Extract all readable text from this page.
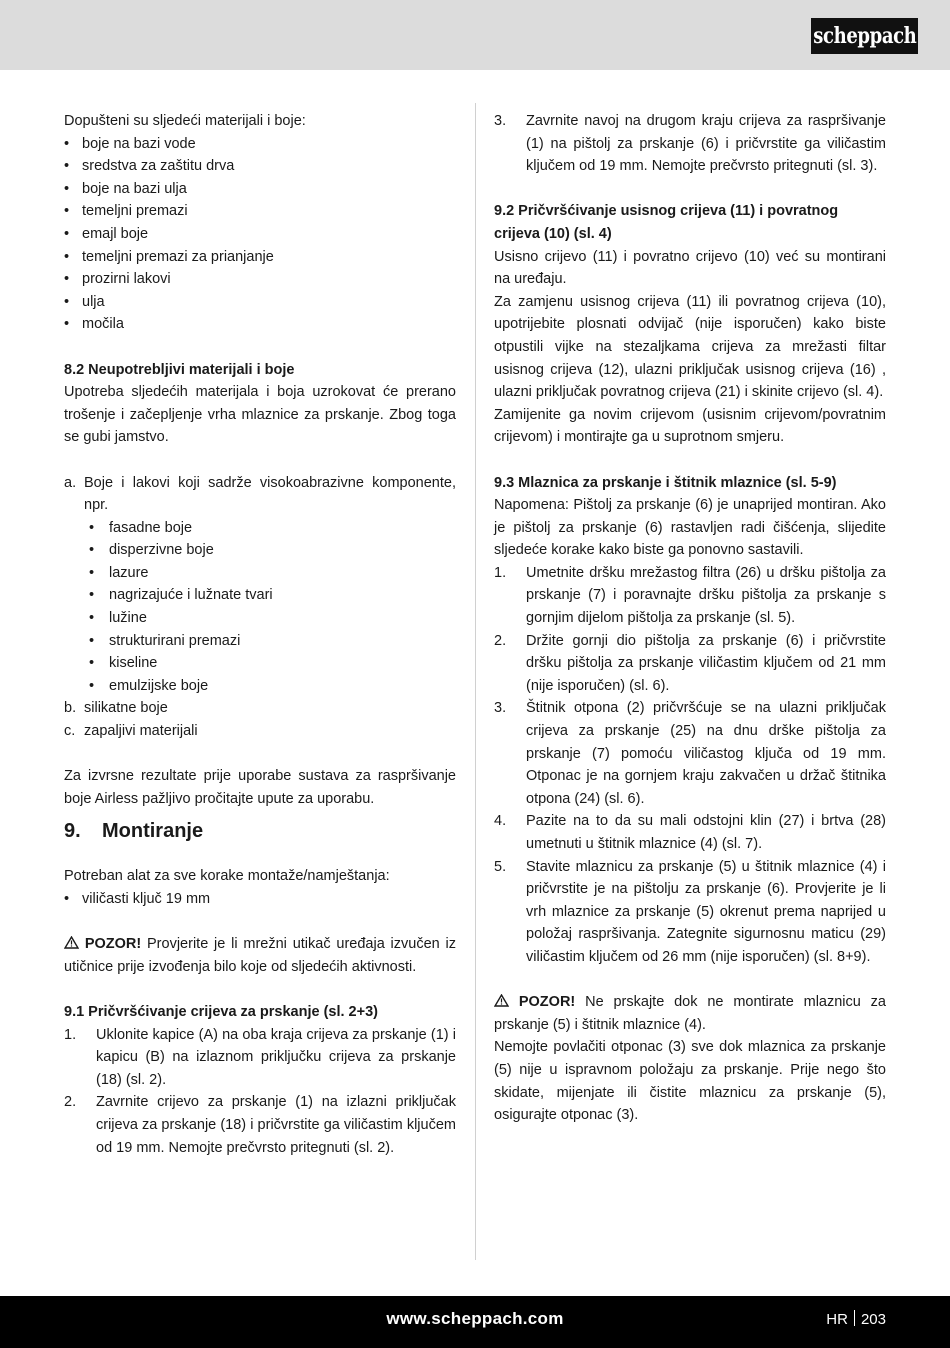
scheppach

Dopušteni su sljedeći materijali i boje:

• boje na bazi vode

• sredstva za zaštitu drva

• boje na bazi ulja

• temeljni premazi

• emajl boje

• temeljni premazi za prianjanje

• prozirni lakovi

• ulja

• močila

8.2 Neupotrebljivi materijali i boje

Upotreba sljedećih materijala i boja uzrokovat će prerano trošenje i začepljenje vrha mlaznice za prskanje. Zbog toga se gubi jamstvo.

a. Boje i lakovi koji sadrže visokoabrazivne komponente, npr.

• fasadne boje

• disperzivne boje

• lazure

• nagrizajuće i lužnate tvari

• lužine

• strukturirani premazi

• kiseline

• emulzijske boje

b. silikatne boje

c. zapaljivi materijali

Za izvrsne rezultate prije uporabe sustava za raspršivanje boje Airless pažljivo pročitajte upute za uporabu.

9. Montiranje

Potreban alat za sve korake montaže/namještanja:

• viličasti ključ 19 mm

POZOR! Provjerite je li mrežni utikač uređaja izvučen iz utičnice prije izvođenja bilo koje od sljedećih aktivnosti.

9.1 Pričvršćivanje crijeva za prskanje (sl. 2+3)

1. Uklonite kapice (A) na oba kraja crijeva za prskanje (1) i kapicu (B) na izlaznom priključku crijeva za prskanje (18) (sl. 2).

2. Zavrnite crijevo za prskanje (1) na izlazni priključak crijeva za prskanje (18) i pričvrstite ga viličastim ključem od 19 mm. Nemojte prečvrsto pritegnuti (sl. 2).

3. Zavrnite navoj na drugom kraju crijeva za raspršivanje (1) na pištolj za prskanje (6) i pričvrstite ga viličastim ključem od 19 mm. Nemojte prečvrsto pritegnuti (sl. 3).

9.2 Pričvršćivanje usisnog crijeva (11) i povratnog crijeva (10) (sl. 4)

Usisno crijevo (11) i povratno crijevo (10) već su montirani na uređaju.

Za zamjenu usisnog crijeva (11) ili povratnog crijeva (10), upotrijebite plosnati odvijač (nije isporučen) kako biste otpustili vijke na stezaljkama crijeva za mrežasti filtar usisnog crijeva (12), ulazni priključak usisnog crijeva (16) , ulazni priključak povratnog crijeva (21) i skinite crijevo (sl. 4).

Zamijenite ga novim crijevom (usisnim crijevom/povratnim crijevom) i montirajte ga u suprotnom smjeru.

9.3 Mlaznica za prskanje i štitnik mlaznice (sl. 5-9)

Napomena: Pištolj za prskanje (6) je unaprijed montiran. Ako je pištolj za prskanje (6) rastavljen radi čišćenja, slijedite sljedeće korake kako biste ga ponovno sastavili.

1. Umetnite dršku mrežastog filtra (26) u dršku pištolja za prskanje (7) i poravnajte dršku pištolja za prskanje s gornjim dijelom pištolja za prskanje (sl. 5).

2. Držite gornji dio pištolja za prskanje (6) i pričvrstite dršku pištolja za prskanje viličastim ključem od 21 mm (nije isporučen) (sl. 6).

3. Štitnik otpona (2) pričvršćuje se na ulazni priključak crijeva za prskanje (25) na dnu drške pištolja za prskanje (7) pomoću viličastog ključa od 19 mm. Otponac je na gornjem kraju zakvačen u držač štitnika otpona (24) (sl. 6).

4. Pazite na to da su mali odstojni klin (27) i brtva (28) umetnuti u štitnik mlaznice (4) (sl. 7).

5. Stavite mlaznicu za prskanje (5) u štitnik mlaznice (4) i pričvrstite je na pištolju za prskanje (6). Provjerite je li vrh mlaznice za prskanje (5) okrenut prema naprijed u položaj raspršivanja. Zategnite sigurnosnu maticu (29) viličastim ključem od 26 mm (nije isporučen) (sl. 8+9).

POZOR! Ne prskajte dok ne montirate mlaznicu za prskanje (5) i štitnik mlaznice (4).

Nemojte povlačiti otponac (3) sve dok mlaznica za prskanje (5) nije u ispravnom položaju za prskanje. Prije nego što skidate, mijenjate ili čistite mlaznicu za prskanje (5), osigurajte otponac (3).

www.scheppach.com	HR 203
